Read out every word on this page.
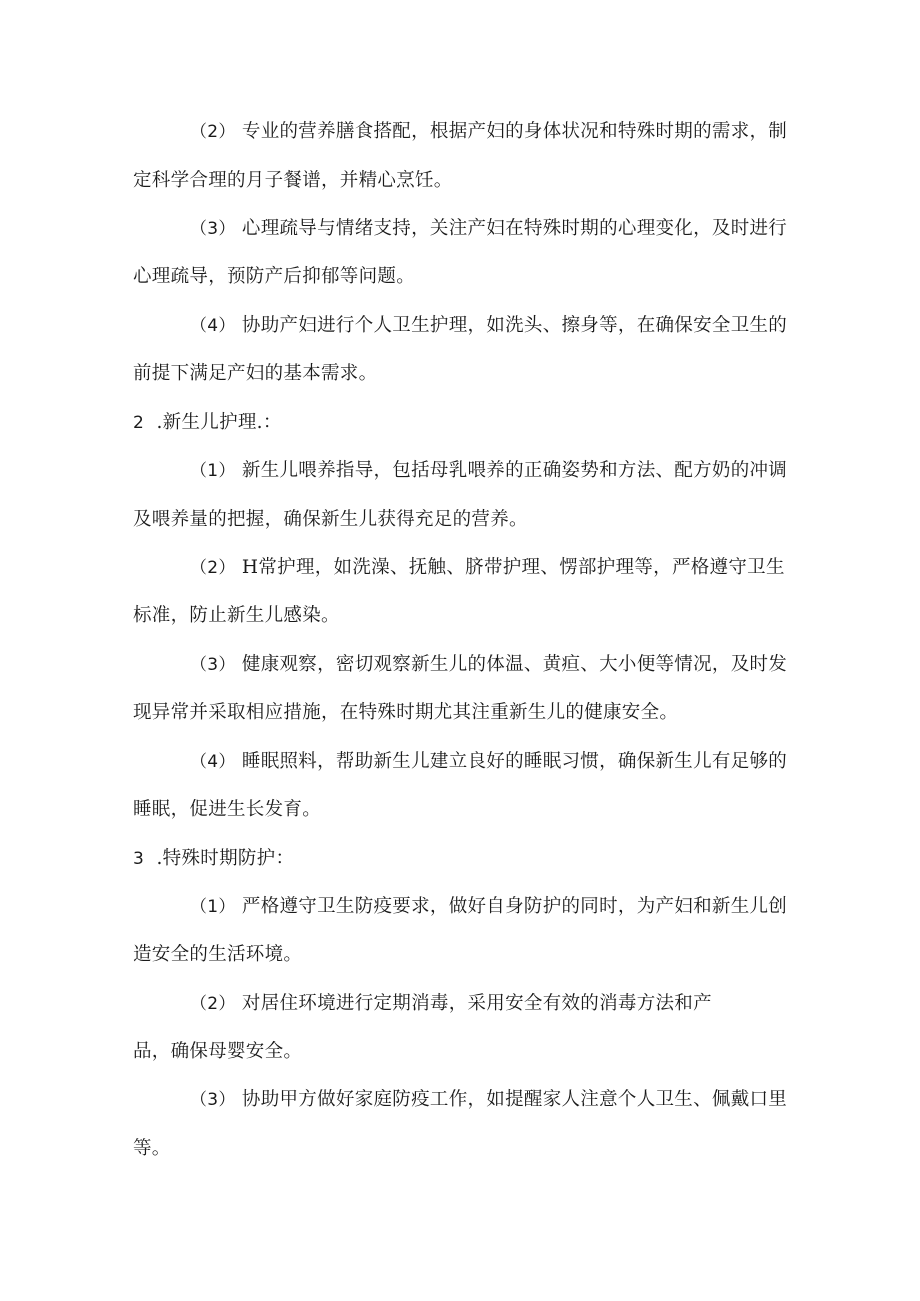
（2） 专业的营养膳食搭配，根据产妇的身体状况和特殊时期的需求，制
定科学合理的月子餐谱，并精心烹饪。
（3） 心理疏导与情绪支持，关注产妇在特殊时期的心理变化，及时进行
心理疏导，预防产后抑郁等问题。
（4） 协助产妇进行个人卫生护理，如洗头、擦身等，在确保安全卫生的
前提下满足产妇的基本需求。
2 .新生儿护理.：
（1） 新生儿喂养指导，包括母乳喂养的正确姿势和方法、配方奶的冲调
及喂养量的把握，确保新生儿获得充足的营养。
（2） H常护理，如洗澡、抚触、脐带护理、愣部护理等，严格遵守卫生
标准，防止新生儿感染。
（3） 健康观察，密切观察新生儿的体温、黄疸、大小便等情况，及时发
现异常并采取相应措施，在特殊时期尤其注重新生儿的健康安全。
（4） 睡眠照料，帮助新生儿建立良好的睡眠习惯，确保新生儿有足够的
睡眠，促进生长发育。
3 .特殊时期防护：
（1） 严格遵守卫生防疫要求，做好自身防护的同时，为产妇和新生儿创
造安全的生活环境。
（2） 对居住环境进行定期消毒，采用安全有效的消毒方法和产
品，确保母婴安全。
（3） 协助甲方做好家庭防疫工作，如提醒家人注意个人卫生、佩戴口里
等。
